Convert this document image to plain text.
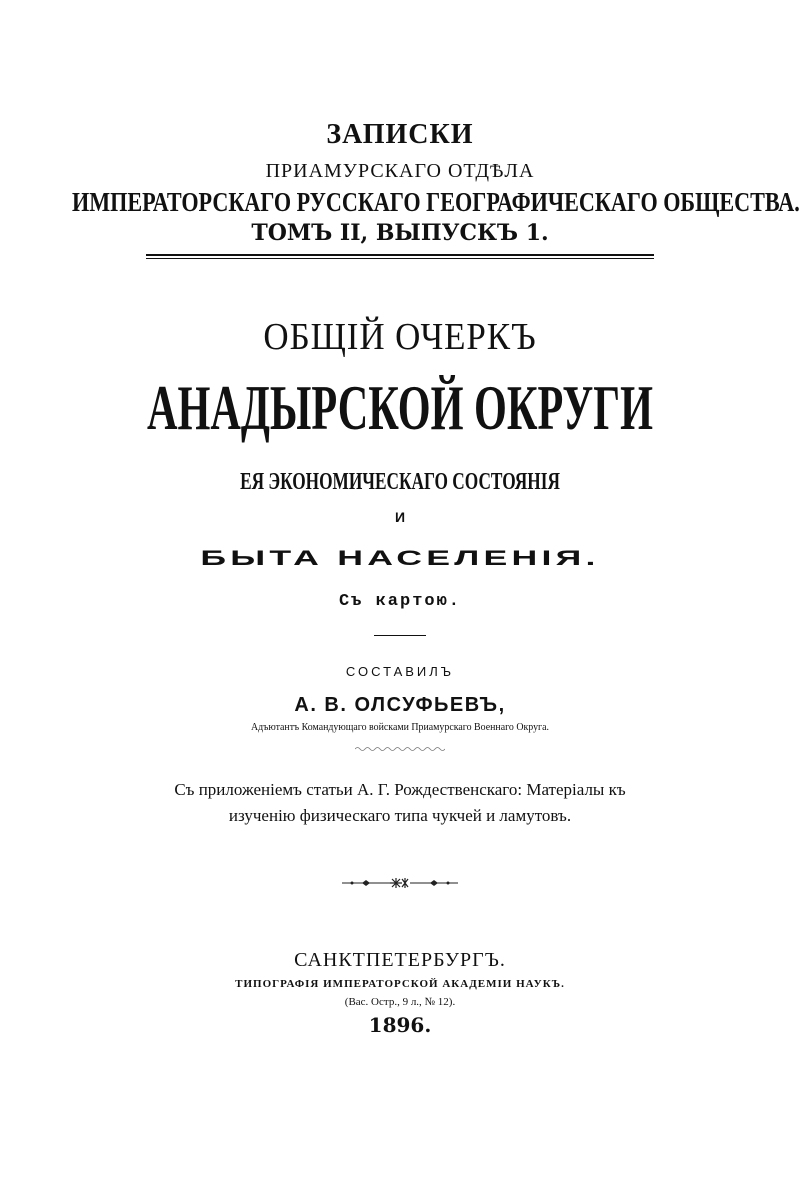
ЗАПИСКИ
ПРИАМУРСКАГО ОТДѢЛА
ИМПЕРАТОРСКАГО РУССКАГО ГЕОГРАФИЧЕСКАГО ОБЩЕСТВА.
ТОМЪ II, ВЫПУСКЪ 1.
ОБЩІЙ ОЧЕРКЪ
АНАДЫРСКОЙ ОКРУГИ
ЕЯ ЭКОНОМИЧЕСКАГО СОСТОЯНІЯ
И
БЫТА НАСЕЛЕНІЯ.
Съ картою.
СОСТАВИЛЪ
А. В. ОЛСУФЬЕВЪ,
Адъютантъ Командующаго войсками Приамурскаго Военнаго Округа.
Съ приложеніемъ статьи А. Г. Рождественскаго: Матеріалы къ
изученію физическаго типа чукчей и ламутовъ.
САНКТПЕТЕРБУРГЪ.
ТИПОГРАФІЯ ИМПЕРАТОРСКОЙ АКАДЕМІИ НАУКЪ.
(Вас. Остр., 9 л., № 12).
1896.
